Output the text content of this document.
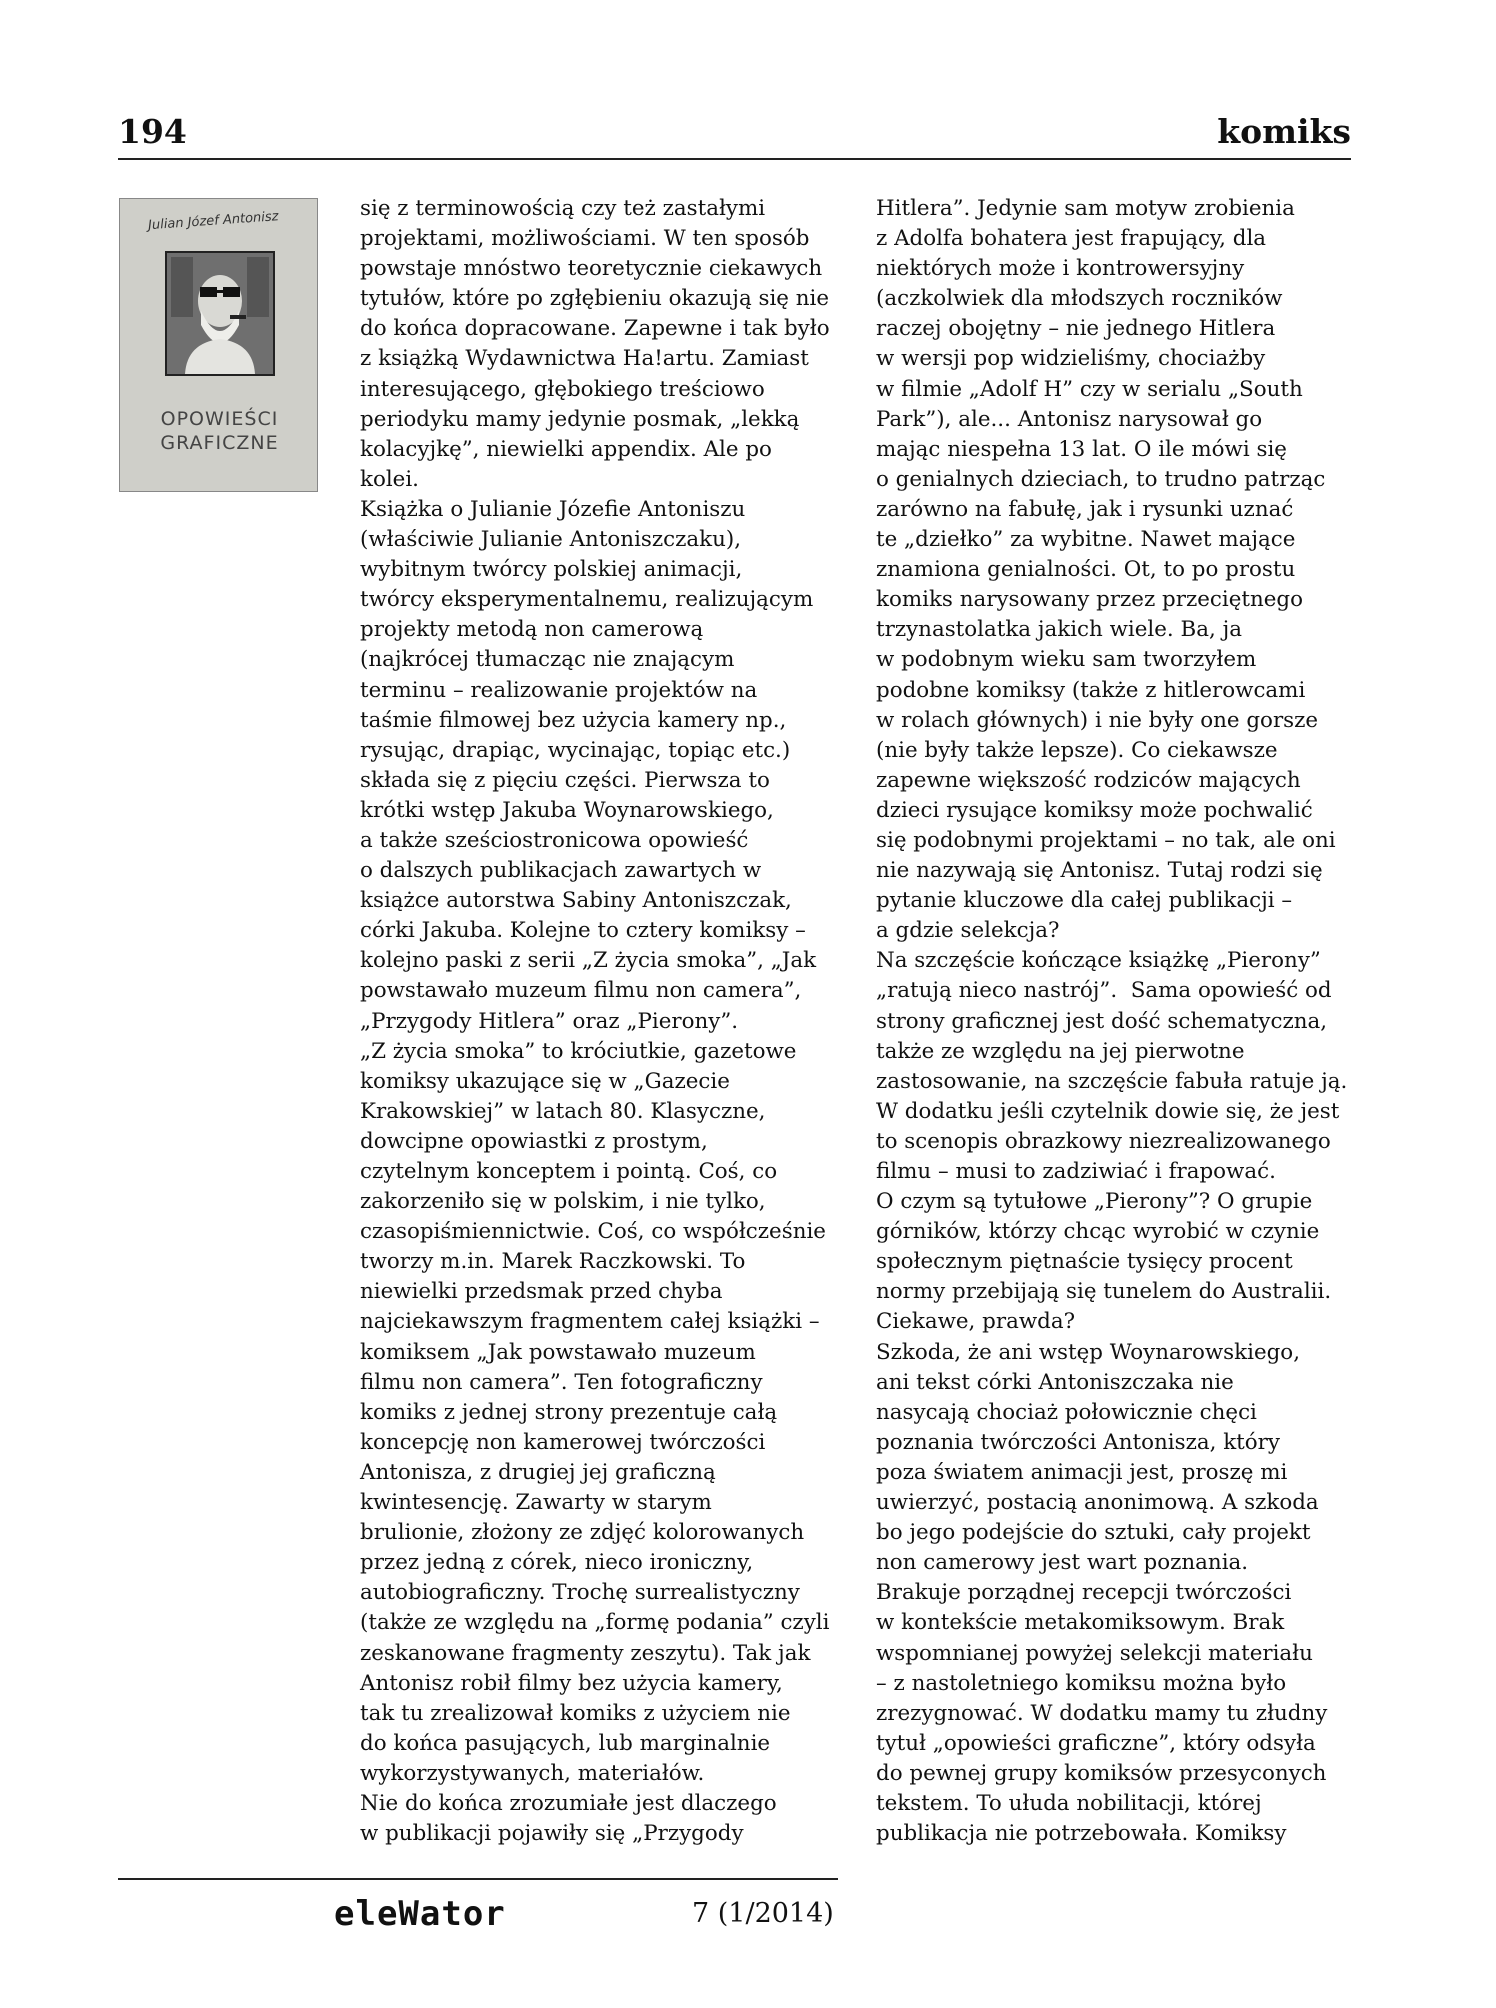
194	komiks
Julian Józef Antonisz
OPOWIEŚCI
GRAFICZNE
się z terminowością czy też zastałymi
projektami, możliwościami. W ten sposób
powstaje mnóstwo teoretycznie ciekawych
tytułów, które po zgłębieniu okazują się nie
do końca dopracowane. Zapewne i tak było
z książką Wydawnictwa Ha!artu. Zamiast
interesującego, głębokiego treściowo
periodyku mamy jedynie posmak, „lekką
kolacyjkę”, niewielki appendix. Ale po
kolei.
Książka o Julianie Józefie Antoniszu
(właściwie Julianie Antoniszczaku),
wybitnym twórcy polskiej animacji,
twórcy eksperymentalnemu, realizującym
projekty metodą non camerową
(najkrócej tłumacząc nie znającym
terminu – realizowanie projektów na
taśmie filmowej bez użycia kamery np.,
rysując, drapiąc, wycinając, topiąc etc.)
składa się z pięciu części. Pierwsza to
krótki wstęp Jakuba Woynarowskiego,
a także sześciostronicowa opowieść
o dalszych publikacjach zawartych w
książce autorstwa Sabiny Antoniszczak,
córki Jakuba. Kolejne to cztery komiksy –
kolejno paski z serii „Z życia smoka”, „Jak
powstawało muzeum filmu non camera”,
„Przygody Hitlera” oraz „Pierony”.
„Z życia smoka” to króciutkie, gazetowe
komiksy ukazujące się w „Gazecie
Krakowskiej” w latach 80. Klasyczne,
dowcipne opowiastki z prostym,
czytelnym konceptem i pointą. Coś, co
zakorzeniło się w polskim, i nie tylko,
czasopiśmiennictwie. Coś, co współcześnie
tworzy m.in. Marek Raczkowski. To
niewielki przedsmak przed chyba
najciekawszym fragmentem całej książki –
komiksem „Jak powstawało muzeum
filmu non camera”. Ten fotograficzny
komiks z jednej strony prezentuje całą
koncepcję non kamerowej twórczości
Antonisza, z drugiej jej graficzną
kwintesencję. Zawarty w starym
brulionie, złożony ze zdjęć kolorowanych
przez jedną z córek, nieco ironiczny,
autobiograficzny. Trochę surrealistyczny
(także ze względu na „formę podania” czyli
zeskanowane fragmenty zeszytu). Tak jak
Antonisz robił filmy bez użycia kamery,
tak tu zrealizował komiks z użyciem nie
do końca pasujących, lub marginalnie
wykorzystywanych, materiałów.
Nie do końca zrozumiałe jest dlaczego
w publikacji pojawiły się „Przygody
Hitlera”. Jedynie sam motyw zrobienia
z Adolfa bohatera jest frapujący, dla
niektórych może i kontrowersyjny
(aczkolwiek dla młodszych roczników
raczej obojętny – nie jednego Hitlera
w wersji pop widzieliśmy, chociażby
w filmie „Adolf H” czy w serialu „South
Park”), ale... Antonisz narysował go
mając niespełna 13 lat. O ile mówi się
o genialnych dzieciach, to trudno patrząc
zarówno na fabułę, jak i rysunki uznać
te „dziełko” za wybitne. Nawet mające
znamiona genialności. Ot, to po prostu
komiks narysowany przez przeciętnego
trzynastolatka jakich wiele. Ba, ja
w podobnym wieku sam tworzyłem
podobne komiksy (także z hitlerowcami
w rolach głównych) i nie były one gorsze
(nie były także lepsze). Co ciekawsze
zapewne większość rodziców mających
dzieci rysujące komiksy może pochwalić
się podobnymi projektami – no tak, ale oni
nie nazywają się Antonisz. Tutaj rodzi się
pytanie kluczowe dla całej publikacji –
a gdzie selekcja?
Na szczęście kończące książkę „Pierony”
„ratują nieco nastrój”.  Sama opowieść od
strony graficznej jest dość schematyczna,
także ze względu na jej pierwotne
zastosowanie, na szczęście fabuła ratuje ją.
W dodatku jeśli czytelnik dowie się, że jest
to scenopis obrazkowy niezrealizowanego
filmu – musi to zadziwiać i frapować.
O czym są tytułowe „Pierony”? O grupie
górników, którzy chcąc wyrobić w czynie
społecznym piętnaście tysięcy procent
normy przebijają się tunelem do Australii.
Ciekawe, prawda?
Szkoda, że ani wstęp Woynarowskiego,
ani tekst córki Antoniszczaka nie
nasycają chociaż połowicznie chęci
poznania twórczości Antonisza, który
poza światem animacji jest, proszę mi
uwierzyć, postacią anonimową. A szkoda
bo jego podejście do sztuki, cały projekt
non camerowy jest wart poznania.
Brakuje porządnej recepcji twórczości
w kontekście metakomiksowym. Brak
wspomnianej powyżej selekcji materiału
– z nastoletniego komiksu można było
zrezygnować. W dodatku mamy tu złudny
tytuł „opowieści graficzne”, który odsyła
do pewnej grupy komiksów przesyconych
tekstem. To ułuda nobilitacji, której
publikacja nie potrzebowała. Komiksy
eleWator	7 (1/2014)
